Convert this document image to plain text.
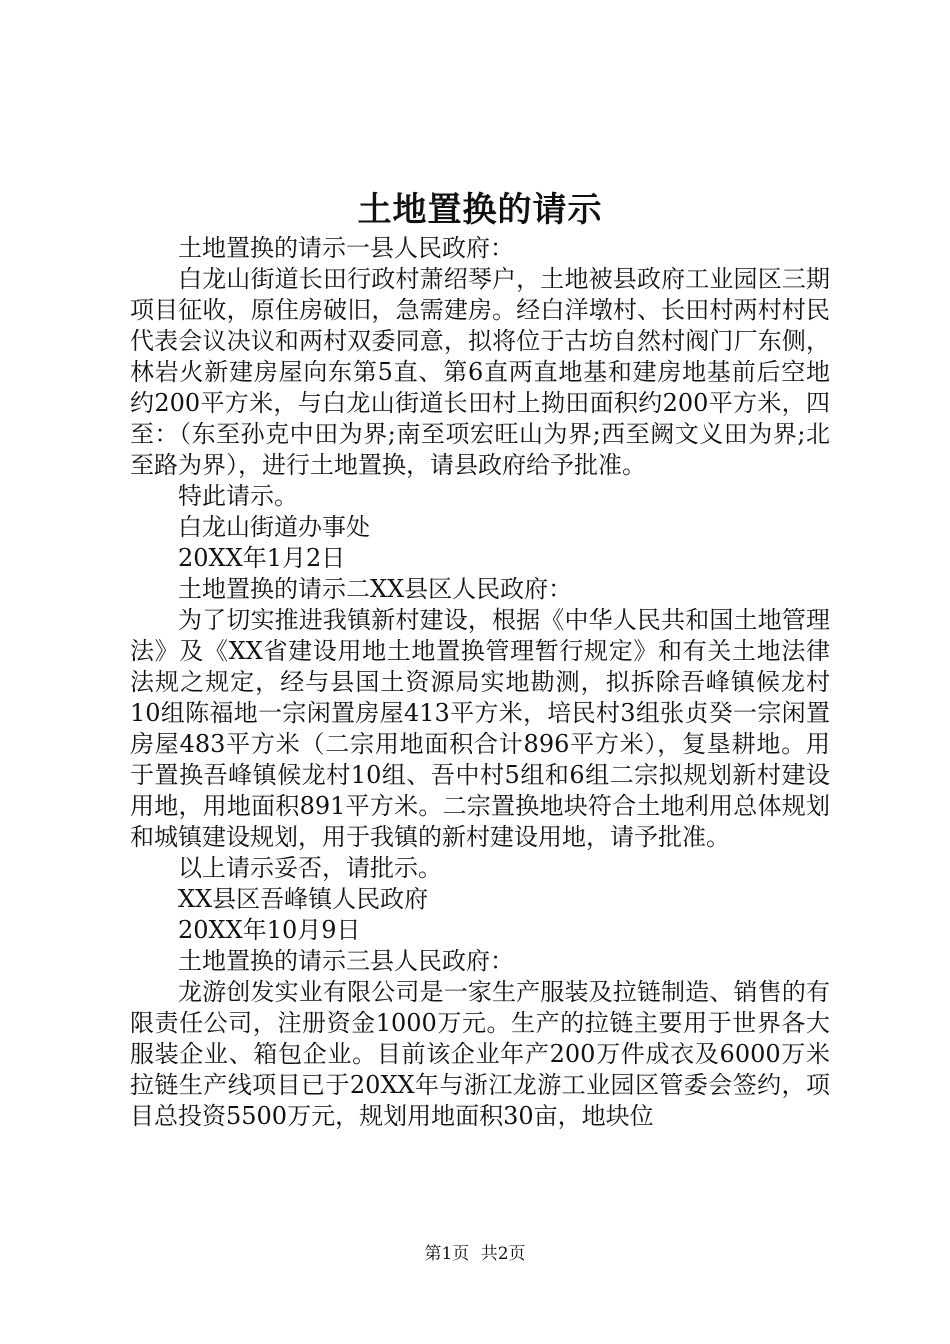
土地置换的请示

土地置换的请示一县人民政府：

白龙山街道长田行政村萧绍琴户，土地被县政府工业园区三期项目征收，原住房破旧，急需建房。经白洋墩村、长田村两村村民代表会议决议和两村双委同意，拟将位于古坊自然村阀门厂东侧，林岩火新建房屋向东第5直、第6直两直地基和建房地基前后空地约200平方米，与白龙山街道长田村上拗田面积约200平方米，四至：（东至孙克中田为界;南至项宏旺山为界;西至阙文义田为界;北至路为界），进行土地置换，请县政府给予批准。

特此请示。

白龙山街道办事处

20XX年1月2日

土地置换的请示二XX县区人民政府：

为了切实推进我镇新村建设，根据《中华人民共和国土地管理法》及《XX省建设用地土地置换管理暂行规定》和有关土地法律法规之规定，经与县国土资源局实地勘测，拟拆除吾峰镇候龙村10组陈福地一宗闲置房屋413平方米，培民村3组张贞癸一宗闲置房屋483平方米（二宗用地面积合计896平方米），复垦耕地。用于置换吾峰镇候龙村10组、吾中村5组和6组二宗拟规划新村建设用地，用地面积891平方米。二宗置换地块符合土地利用总体规划和城镇建设规划，用于我镇的新村建设用地，请予批准。

以上请示妥否，请批示。

XX县区吾峰镇人民政府

20XX年10月9日

土地置换的请示三县人民政府：

龙游创发实业有限公司是一家生产服装及拉链制造、销售的有限责任公司，注册资金1000万元。生产的拉链主要用于世界各大服装企业、箱包企业。目前该企业年产200万件成衣及6000万米拉链生产线项目已于20XX年与浙江龙游工业园区管委会签约，项目总投资5500万元，规划用地面积30亩，地块位

第1页 共2页
